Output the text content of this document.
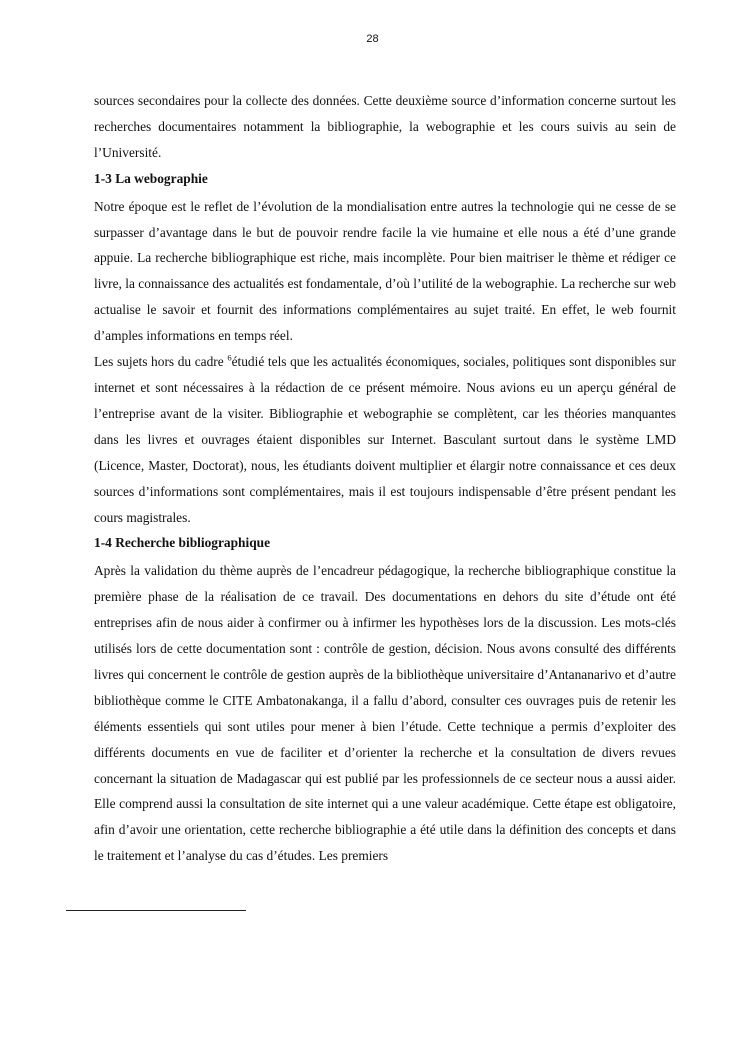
28

sources secondaires pour la collecte des données. Cette deuxième source d’information concerne surtout les recherches documentaires notamment la bibliographie, la webographie et les cours suivis au sein de l’Université.

1-3 La webographie

Notre époque est le reflet de l’évolution de la mondialisation entre autres la technologie qui ne cesse de se surpasser d’avantage dans le but de pouvoir rendre facile la vie humaine et elle nous a été d’une grande appuie. La recherche bibliographique est riche, mais incomplète. Pour bien maitriser le thème et rédiger ce livre, la connaissance des actualités est fondamentale, d’où l’utilité de la webographie. La recherche sur web actualise le savoir et fournit des informations complémentaires au sujet traité. En effet, le web fournit d’amples informations en temps réel.

Les sujets hors du cadre $^6$étudié tels que les actualités économiques, sociales, politiques sont disponibles sur internet et sont nécessaires à la rédaction de ce présent mémoire. Nous avions eu un aperçu général de l’entreprise avant de la visiter. Bibliographie et webographie se complètent, car les théories manquantes dans les livres et ouvrages étaient disponibles sur Internet. Basculant surtout dans le système LMD (Licence, Master, Doctorat), nous, les étudiants doivent multiplier et élargir notre connaissance et ces deux sources d’informations sont complémentaires, mais il est toujours indispensable d’être présent pendant les cours magistrales.

1-4 Recherche bibliographique

Après la validation du thème auprès de l’encadreur pédagogique, la recherche bibliographique constitue la première phase de la réalisation de ce travail. Des documentations en dehors du site d’étude ont été entreprises afin de nous aider à confirmer ou à infirmer les hypothèses lors de la discussion. Les mots-clés utilisés lors de cette documentation sont : contrôle de gestion, décision. Nous avons consulté des différents livres qui concernent le contrôle de gestion auprès de la bibliothèque universitaire d’Antananarivo et d’autre bibliothèque comme le CITE Ambatonakanga, il a fallu d’abord, consulter ces ouvrages puis de retenir les éléments essentiels qui sont utiles pour mener à bien l’étude. Cette technique a permis d’exploiter des différents documents en vue de faciliter et d’orienter la recherche et la consultation de divers revues concernant la situation de Madagascar qui est publié par les professionnels de ce secteur nous a aussi aider. Elle comprend aussi la consultation de site internet qui a une valeur académique. Cette étape est obligatoire, afin d’avoir une orientation, cette recherche bibliographie a été utile dans la définition des concepts et dans le traitement et l’analyse du cas d’études. Les premiers
